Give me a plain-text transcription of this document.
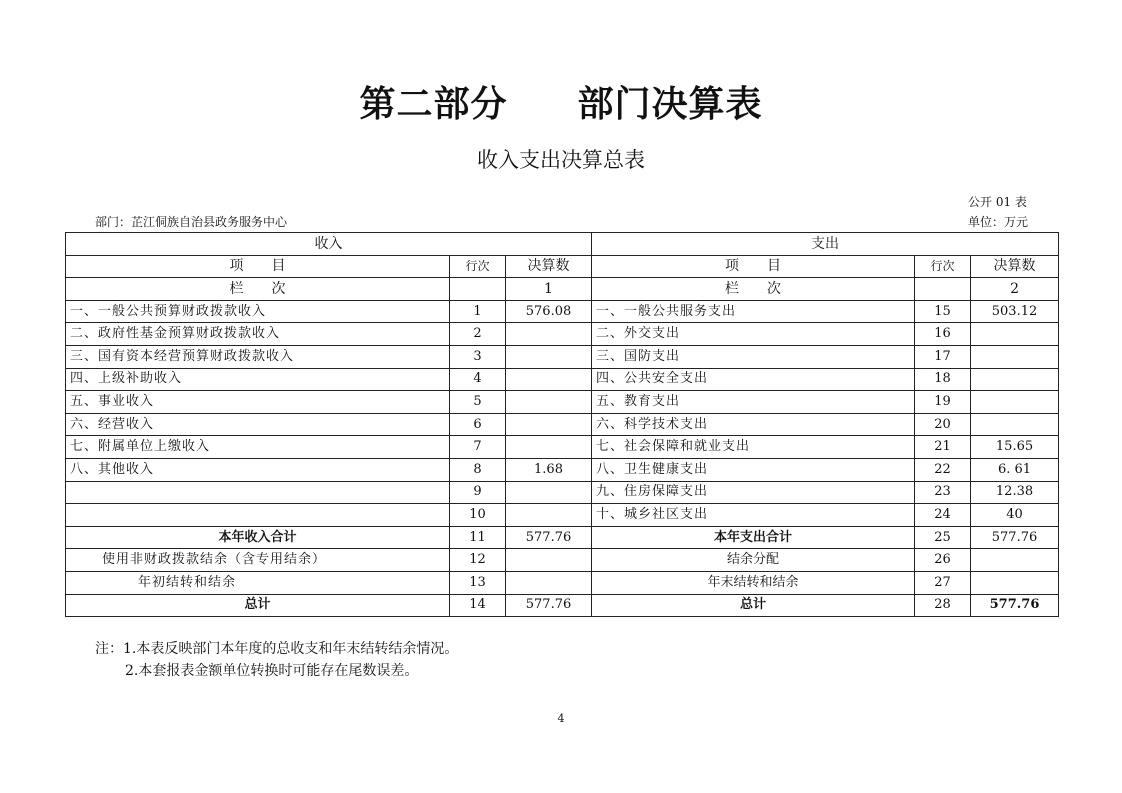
第二部分 部门决算表
收入支出决算总表
公开 01 表
部门：芷江侗族自治县政务服务中心	单位：万元
收入			支出		
项　　目	行次	决算数	项　　目	行次	决算数
栏　　次		1	栏　　次		2
一、一般公共预算财政拨款收入	1	576.08	一、一般公共服务支出	15	503.12
二、政府性基金预算财政拨款收入	2		二、外交支出	16	
三、国有资本经营预算财政拨款收入	3		三、国防支出	17	
四、上级补助收入	4		四、公共安全支出	18	
五、事业收入	5		五、教育支出	19	
六、经营收入	6		六、科学技术支出	20	
七、附属单位上缴收入	7		七、社会保障和就业支出	21	15.65
八、其他收入	8	1.68	八、卫生健康支出	22	6. 61
	9		九、住房保障支出	23	12.38
	10		十、城乡社区支出	24	40
本年收入合计	11	577.76	本年支出合计	25	577.76
使用非财政拨款结余（含专用结余）	12		结余分配	26	
年初结转和结余	13		年末结转和结余	27	
总计	14	577.76	总计	28	577.76
注：1.本表反映部门本年度的总收支和年末结转结余情况。
2.本套报表金额单位转换时可能存在尾数误差。
4
